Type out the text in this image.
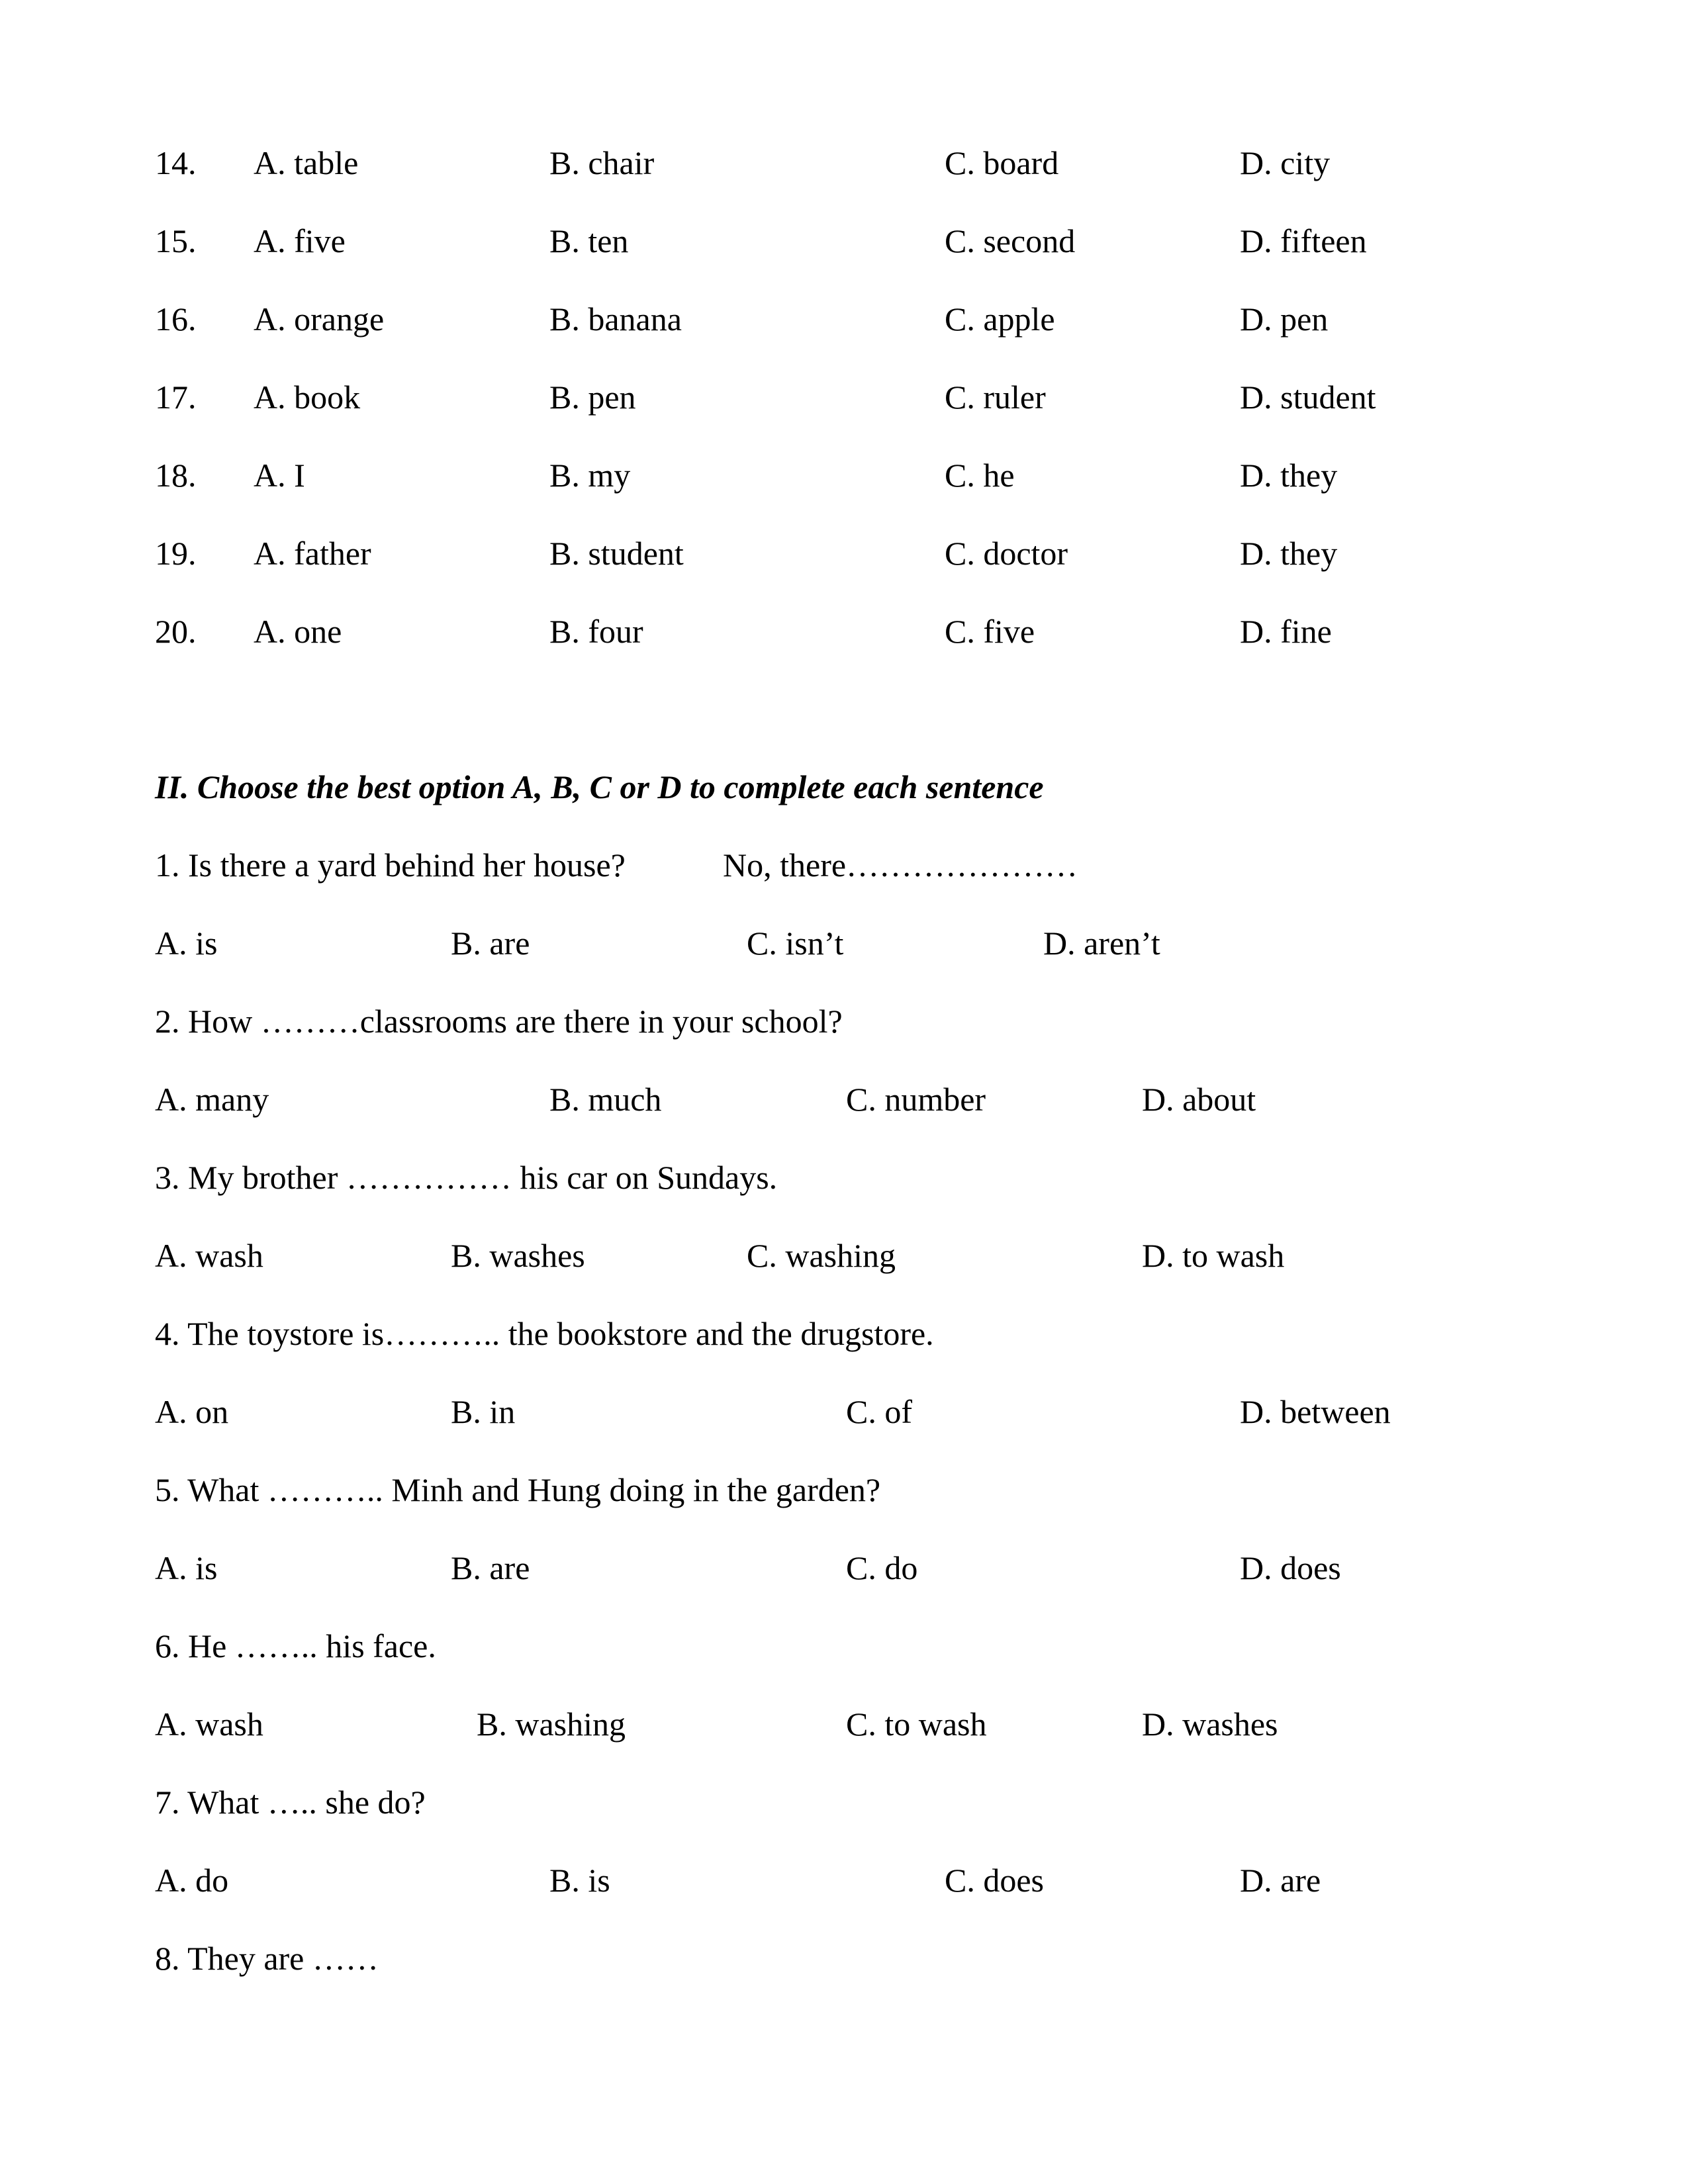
14. A. table	B. chair	C. board	D. city
15. A. five	B. ten	C. second	D. fifteen
16. A. orange	B. banana	C. apple	D. pen
17. A. book	B. pen	C. ruler	D. student
18. A. I	B. my	C. he	D. they
19. A. father	B. student	C. doctor	D. they
20. A. one	B. four	C. five	D. fine
II. Choose the best option A, B, C or D to complete each sentence
1. Is there a yard behind her house?	No, there…………………
A. is	B. are	C. isn’t	D. aren’t
2. How ………classrooms are there in your school?
A. many	B. much	C. number	D. about
3. My brother …………… his car on Sundays.
A. wash	B. washes	C. washing	D. to wash
4. The toystore is……….. the bookstore and the drugstore.
A. on	B. in	C. of	D. between
5. What ……….. Minh and Hung doing in the garden?
A. is	B. are	C. do	D. does
6. He …….. his face.
A. wash	B. washing	C. to wash	D. washes
7. What ….. she do?
A. do	B. is	C. does	D. are
8. They are ……
